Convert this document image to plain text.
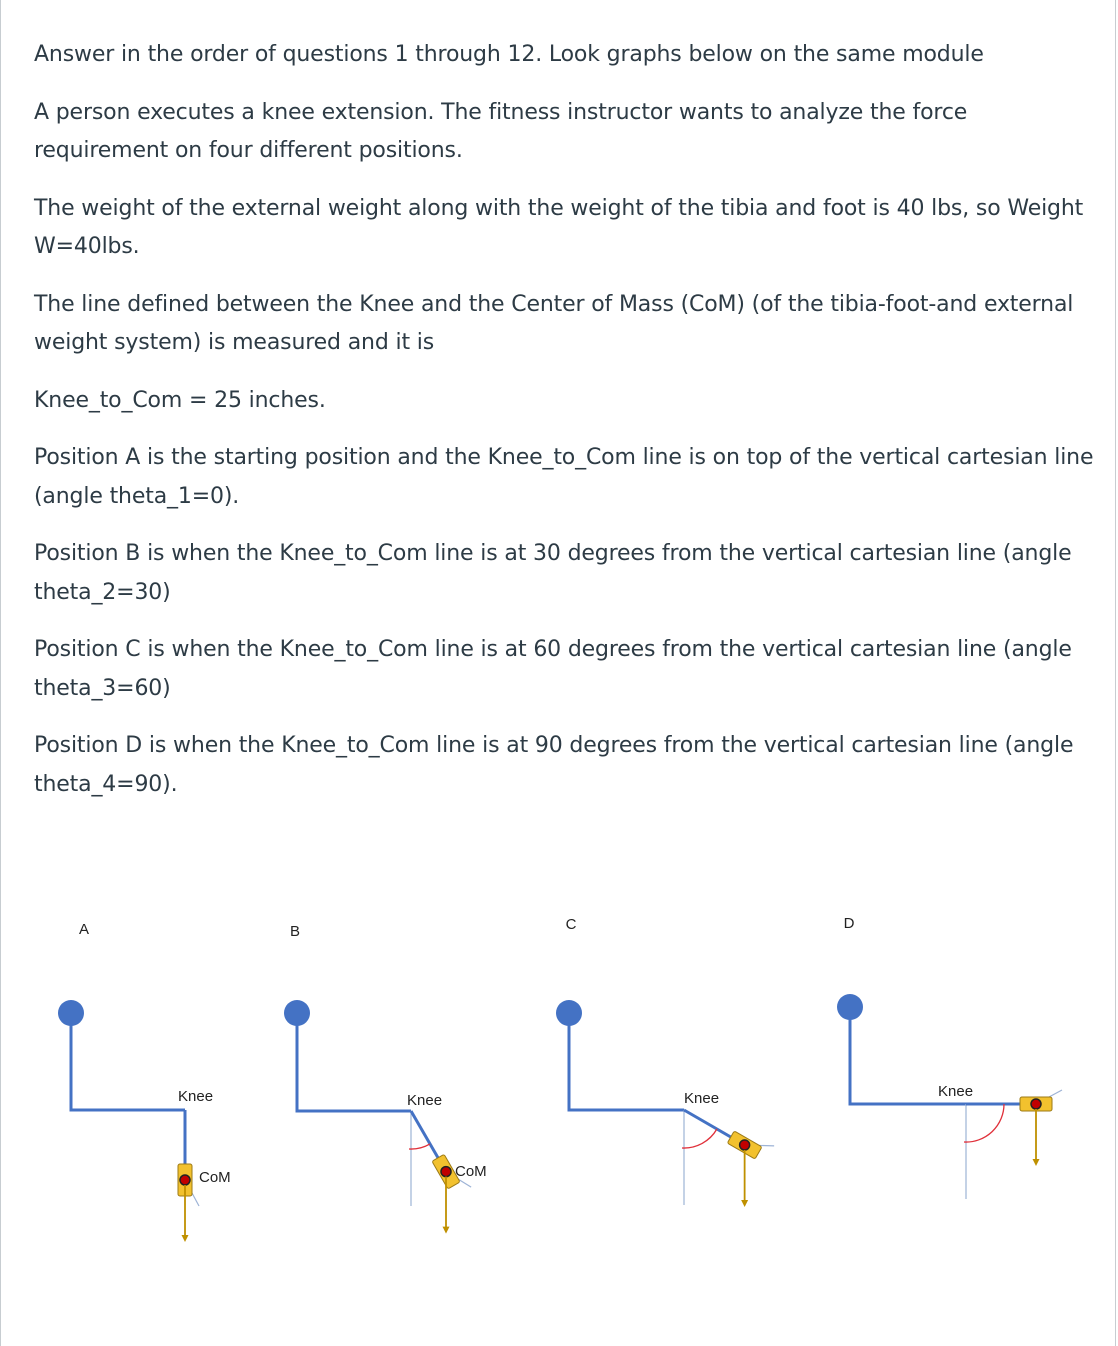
Answer in the order of questions 1 through 12. Look graphs below on the same module

A person executes a knee extension. The fitness instructor wants to analyze the force requirement on four different positions.

The weight of the external weight along with the weight of the tibia and foot is 40 lbs, so Weight W=40lbs.

The line defined between the Knee and the Center of Mass (CoM) (of the tibia-foot-and external weight system) is measured and it is

Knee_to_Com = 25 inches.

Position A is the starting position and the Knee_to_Com line is on top of the vertical cartesian line (angle theta_1=0).

Position B is when the Knee_to_Com line is at 30 degrees from the vertical cartesian line (angle theta_2=30)

Position C is when the Knee_to_Com line is at 60 degrees from the vertical cartesian line (angle theta_3=60)

Position D is when the Knee_to_Com line is at 90 degrees from the vertical cartesian line (angle theta_4=90).

A
Knee
CoM
B
Knee
CoM
C
Knee
D
Knee
